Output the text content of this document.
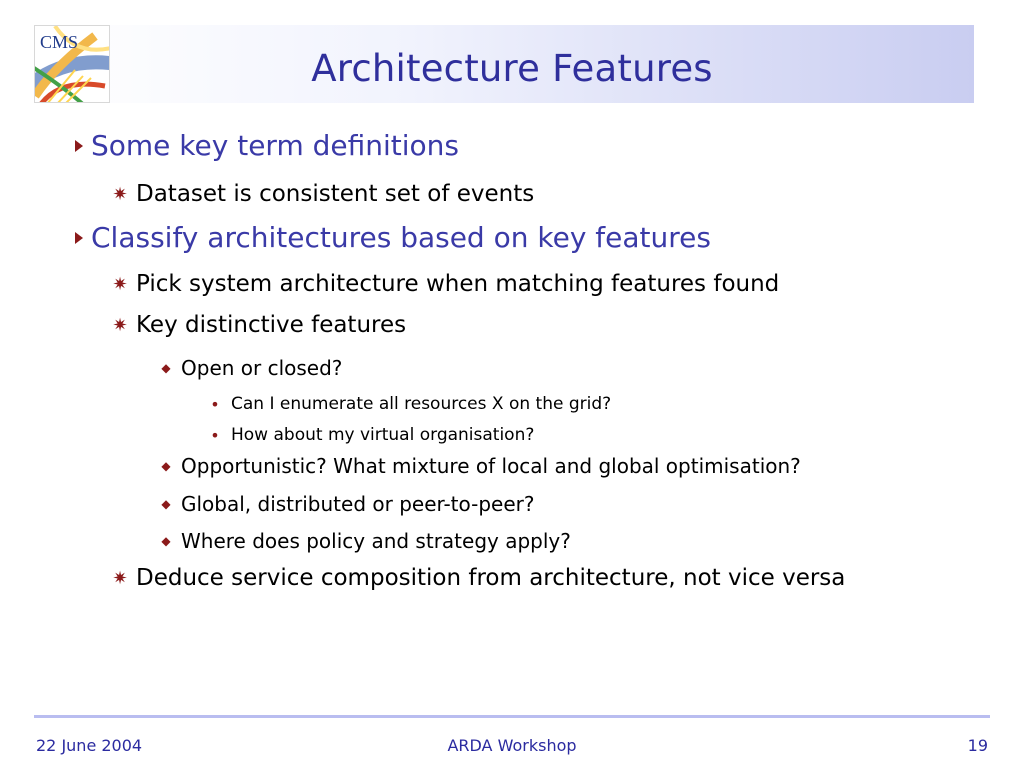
CMS
Architecture Features
Some key term definitions
✷ Dataset is consistent set of events
Classify architectures based on key features
✷ Pick system architecture when matching features found
✷ Key distinctive features
◆ Open or closed?
• Can I enumerate all resources X on the grid?
• How about my virtual organisation?
◆ Opportunistic? What mixture of local and global optimisation?
◆ Global, distributed or peer-to-peer?
◆ Where does policy and strategy apply?
✷ Deduce service composition from architecture, not vice versa
22 June 2004	ARDA Workshop	19
